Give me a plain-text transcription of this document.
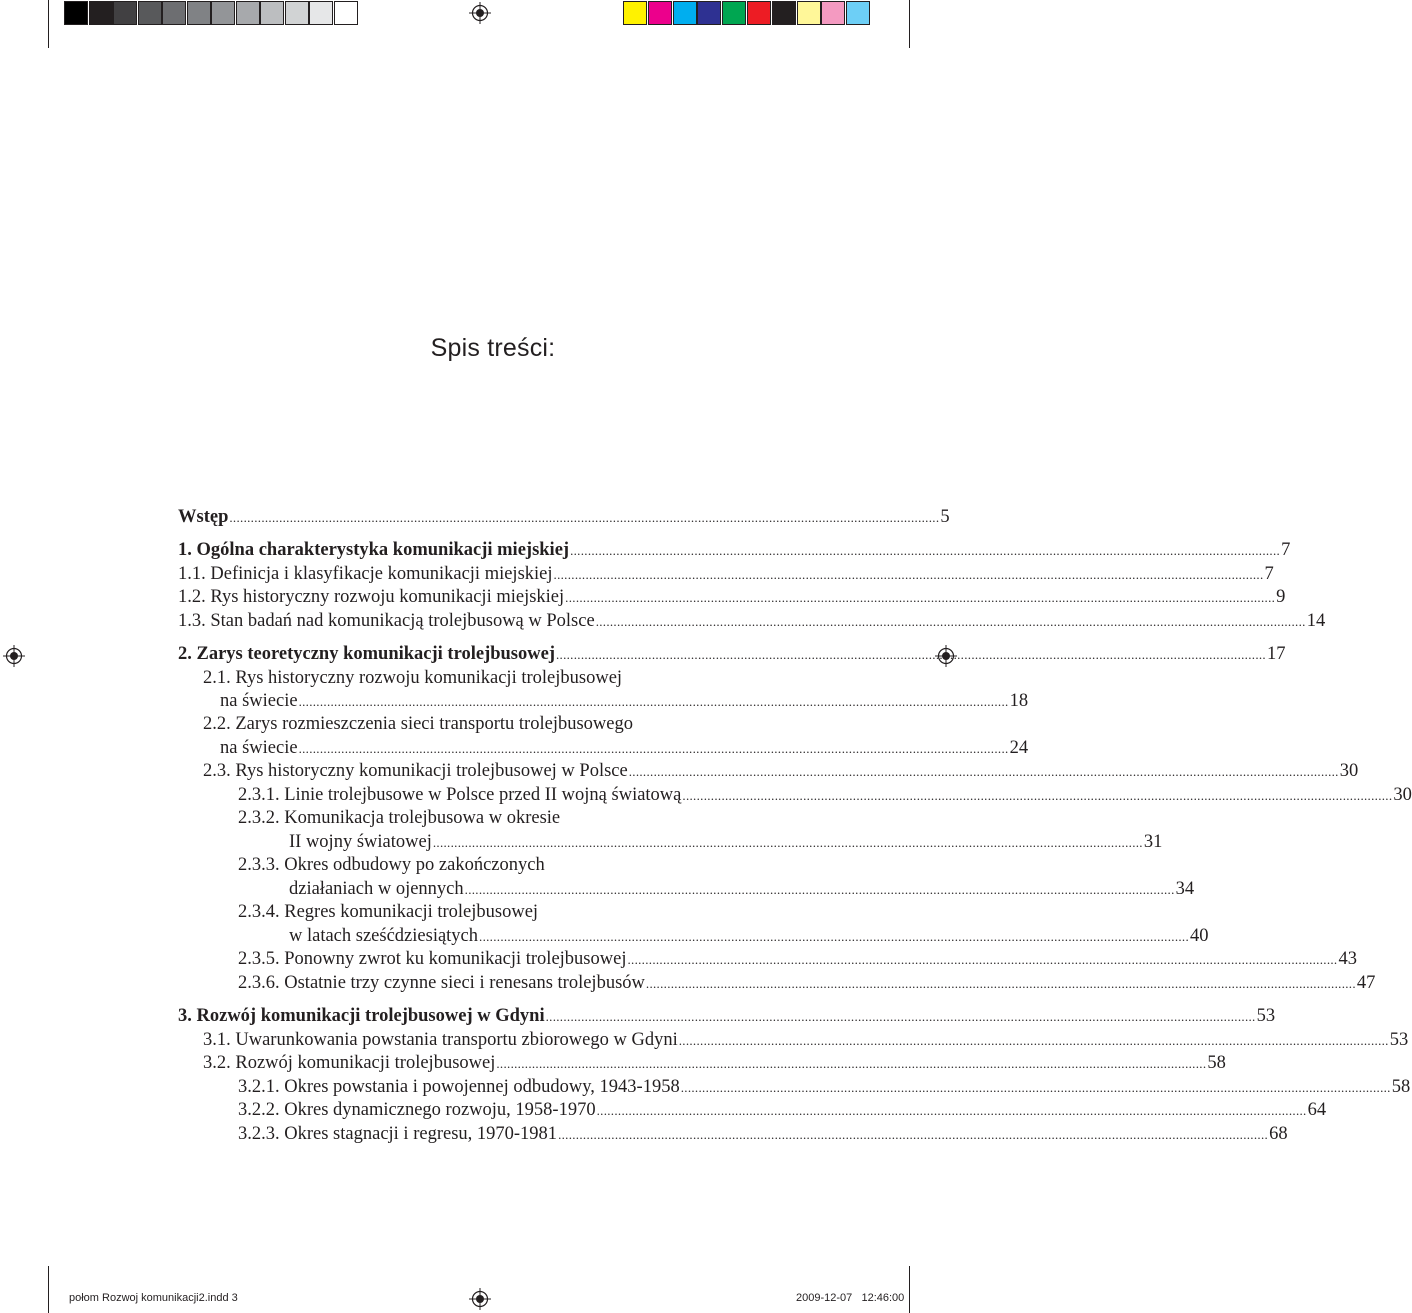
Spis treści:
Wstęp ........................................................................................................................................................................................................ 5
1. Ogólna charakterystyka komunikacji miejskiej ........................................................................................................................................................................................................ 7
1.1. Definicja i klasyfikacje komunikacji miejskiej ........................................................................................................................................................................................................ 7
1.2. Rys historyczny rozwoju komunikacji miejskiej ........................................................................................................................................................................................................ 9
1.3. Stan badań nad komunikacją trolejbusową w Polsce ........................................................................................................................................................................................................ 14
2. Zarys teoretyczny komunikacji trolejbusowej ........................................................................................................................................................................................................ 17
2.1. Rys historyczny rozwoju komunikacji trolejbusowej
na świecie ........................................................................................................................................................................................................ 18
2.2. Zarys rozmieszczenia sieci transportu trolejbusowego
na świecie ........................................................................................................................................................................................................ 24
2.3. Rys historyczny komunikacji trolejbusowej w Polsce ........................................................................................................................................................................................................ 30
2.3.1. Linie trolejbusowe w Polsce przed II wojną światową ........................................................................................................................................................................................................ 30
2.3.2. Komunikacja trolejbusowa w okresie
II wojny światowej ........................................................................................................................................................................................................ 31
2.3.3. Okres odbudowy po zakończonych
działaniach w ojennych ........................................................................................................................................................................................................ 34
2.3.4. Regres komunikacji trolejbusowej
w latach sześćdziesiątych ........................................................................................................................................................................................................ 40
2.3.5. Ponowny zwrot ku komunikacji trolejbusowej ........................................................................................................................................................................................................ 43
2.3.6. Ostatnie trzy czynne sieci i renesans trolejbusów ........................................................................................................................................................................................................ 47
3. Rozwój komunikacji trolejbusowej w Gdyni ........................................................................................................................................................................................................ 53
3.1. Uwarunkowania powstania transportu zbiorowego w Gdyni ........................................................................................................................................................................................................ 53
3.2. Rozwój komunikacji trolejbusowej ........................................................................................................................................................................................................ 58
3.2.1. Okres powstania i powojennej odbudowy, 1943-1958 ........................................................................................................................................................................................................ 58
3.2.2. Okres dynamicznego rozwoju, 1958-1970 ........................................................................................................................................................................................................ 64
3.2.3. Okres stagnacji i regresu, 1970-1981 ........................................................................................................................................................................................................ 68
połom Rozwoj komunikacji2.indd 3	2009-12-07 12:46:00
